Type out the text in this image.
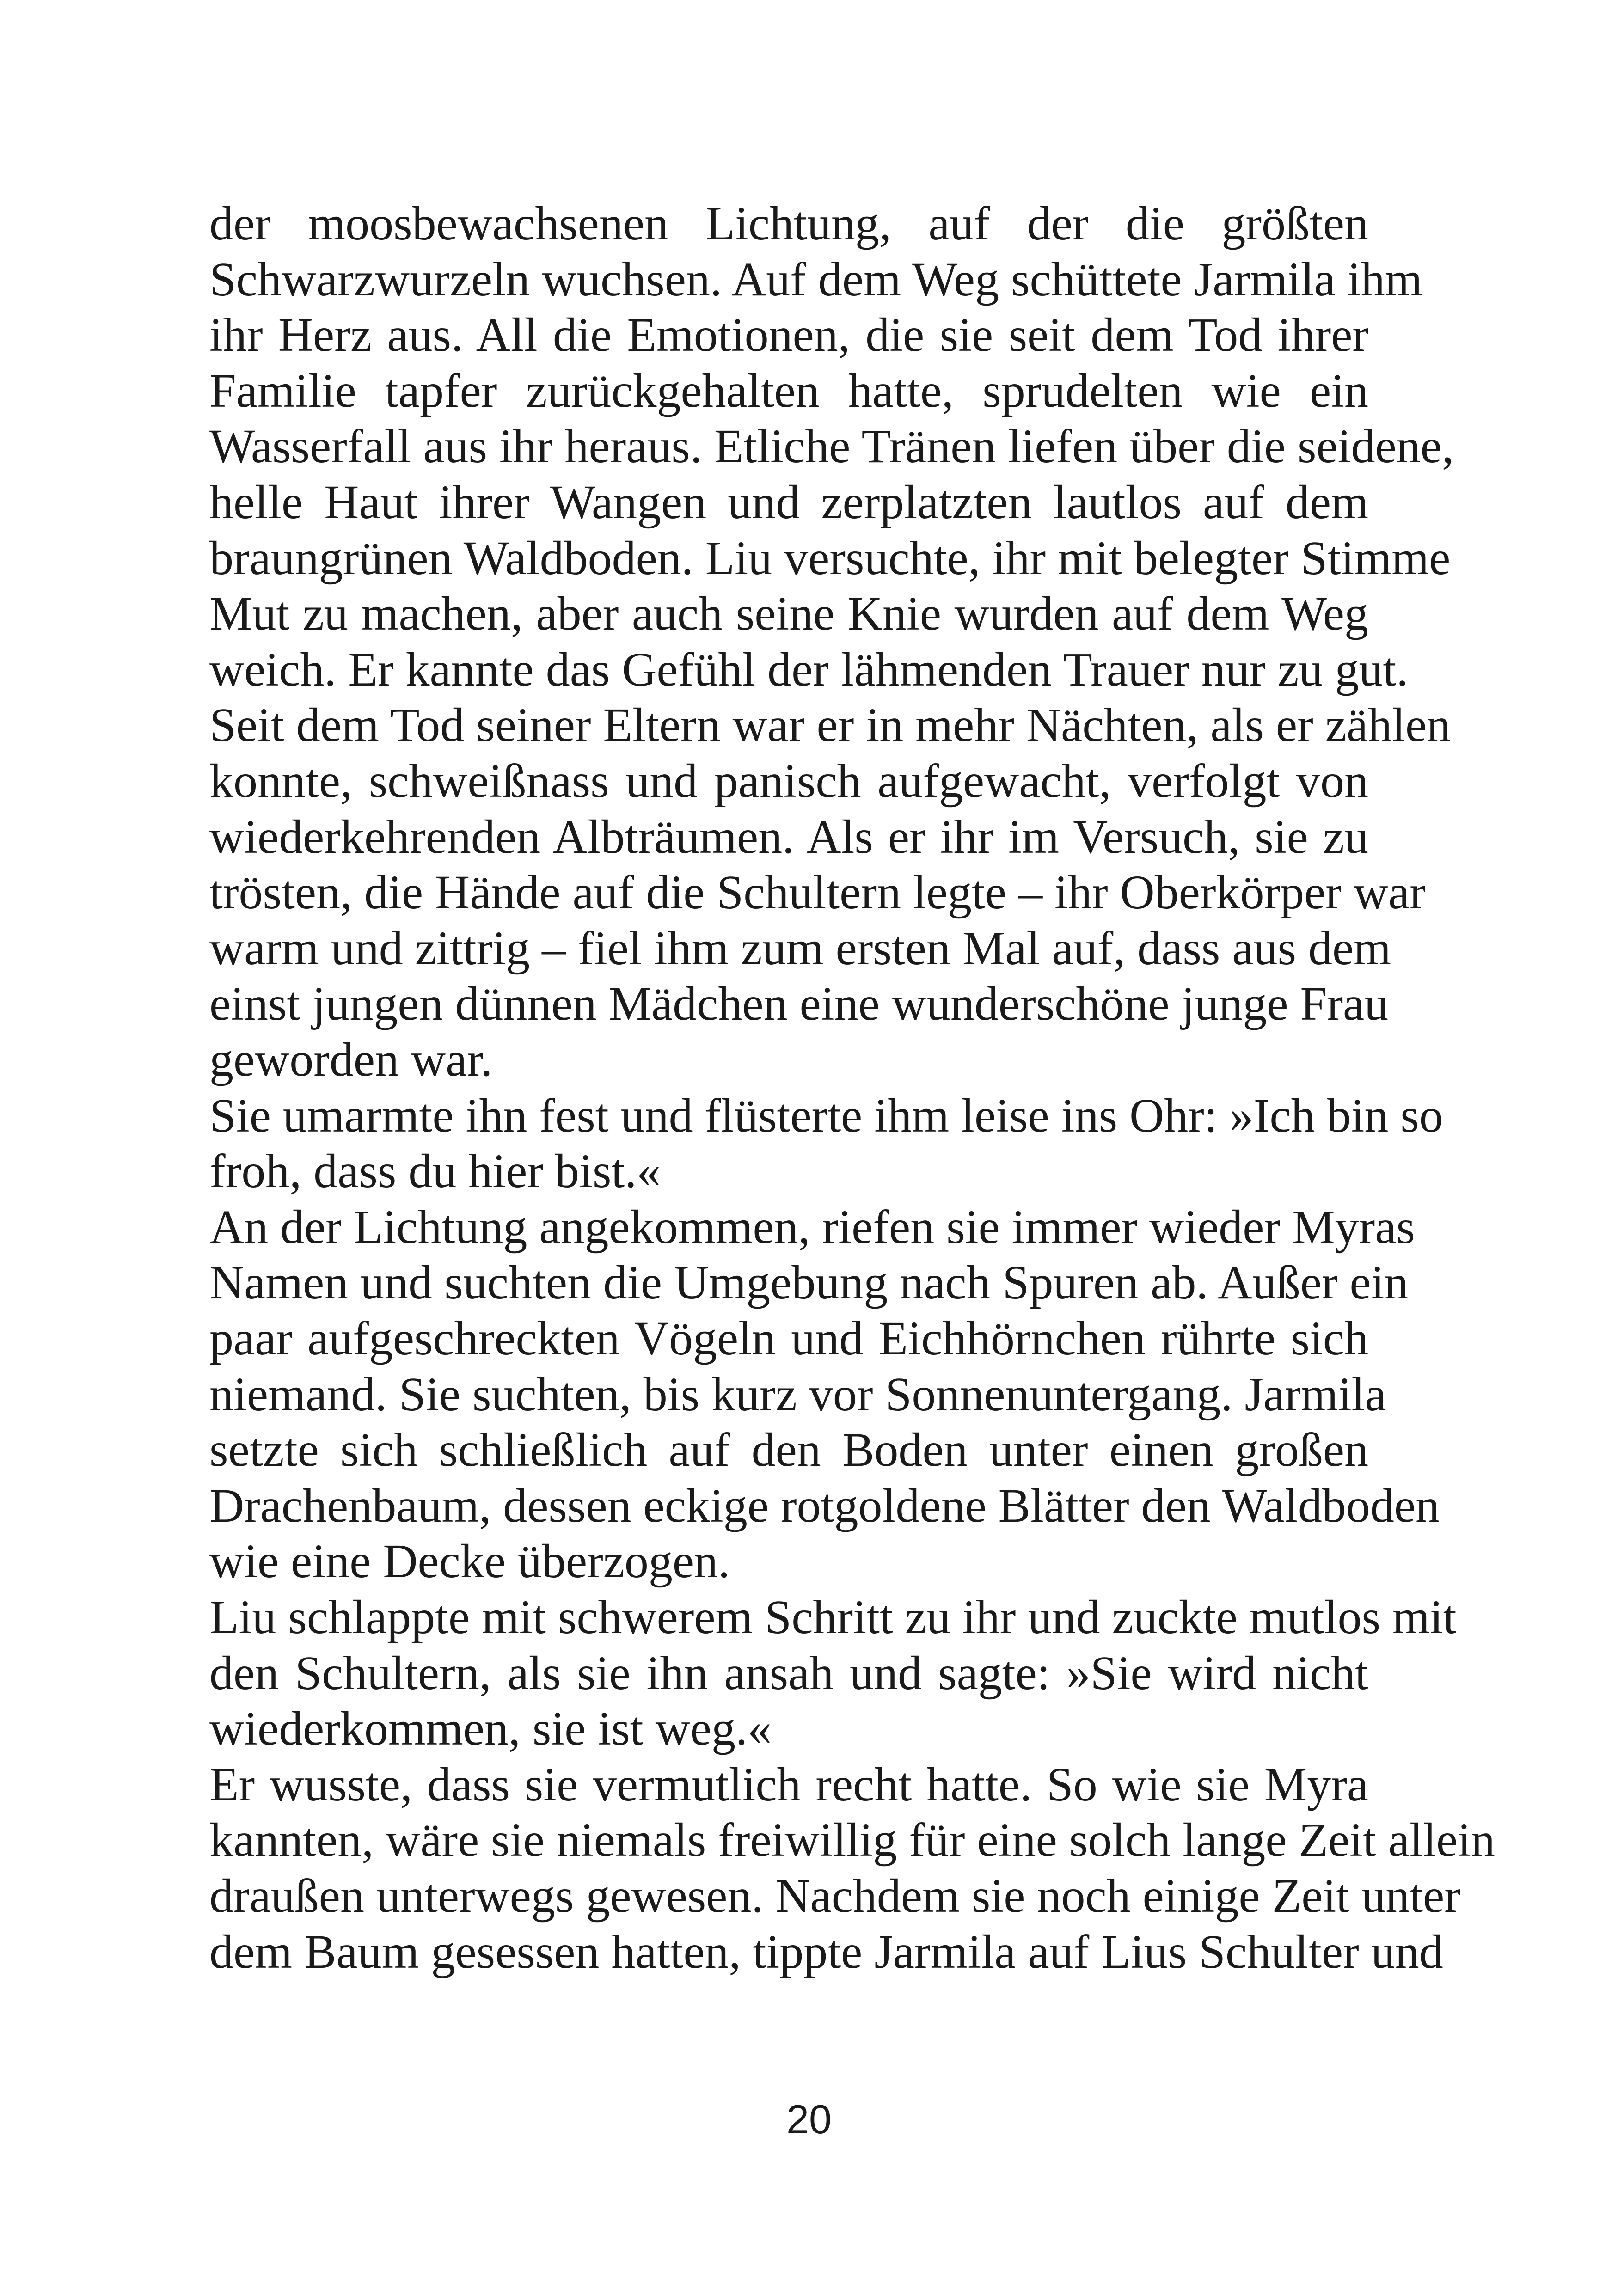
der moosbewachsenen Lichtung, auf der die größten
Schwarzwurzeln wuchsen. Auf dem Weg schüttete Jarmila ihm
ihr Herz aus. All die Emotionen, die sie seit dem Tod ihrer
Familie tapfer zurückgehalten hatte, sprudelten wie ein
Wasserfall aus ihr heraus. Etliche Tränen liefen über die seidene,
helle Haut ihrer Wangen und zerplatzten lautlos auf dem
braungrünen Waldboden. Liu versuchte, ihr mit belegter Stimme
Mut zu machen, aber auch seine Knie wurden auf dem Weg
weich. Er kannte das Gefühl der lähmenden Trauer nur zu gut.
Seit dem Tod seiner Eltern war er in mehr Nächten, als er zählen
konnte, schweißnass und panisch aufgewacht, verfolgt von
wiederkehrenden Albträumen. Als er ihr im Versuch, sie zu
trösten, die Hände auf die Schultern legte – ihr Oberkörper war
warm und zittrig – fiel ihm zum ersten Mal auf, dass aus dem
einst jungen dünnen Mädchen eine wunderschöne junge Frau
geworden war.
Sie umarmte ihn fest und flüsterte ihm leise ins Ohr: »Ich bin so
froh, dass du hier bist.«
An der Lichtung angekommen, riefen sie immer wieder Myras
Namen und suchten die Umgebung nach Spuren ab. Außer ein
paar aufgeschreckten Vögeln und Eichhörnchen rührte sich
niemand. Sie suchten, bis kurz vor Sonnenuntergang. Jarmila
setzte sich schließlich auf den Boden unter einen großen
Drachenbaum, dessen eckige rotgoldene Blätter den Waldboden
wie eine Decke überzogen.
Liu schlappte mit schwerem Schritt zu ihr und zuckte mutlos mit
den Schultern, als sie ihn ansah und sagte: »Sie wird nicht
wiederkommen, sie ist weg.«
Er wusste, dass sie vermutlich recht hatte. So wie sie Myra
kannten, wäre sie niemals freiwillig für eine solch lange Zeit allein
draußen unterwegs gewesen. Nachdem sie noch einige Zeit unter
dem Baum gesessen hatten, tippte Jarmila auf Lius Schulter und
20
